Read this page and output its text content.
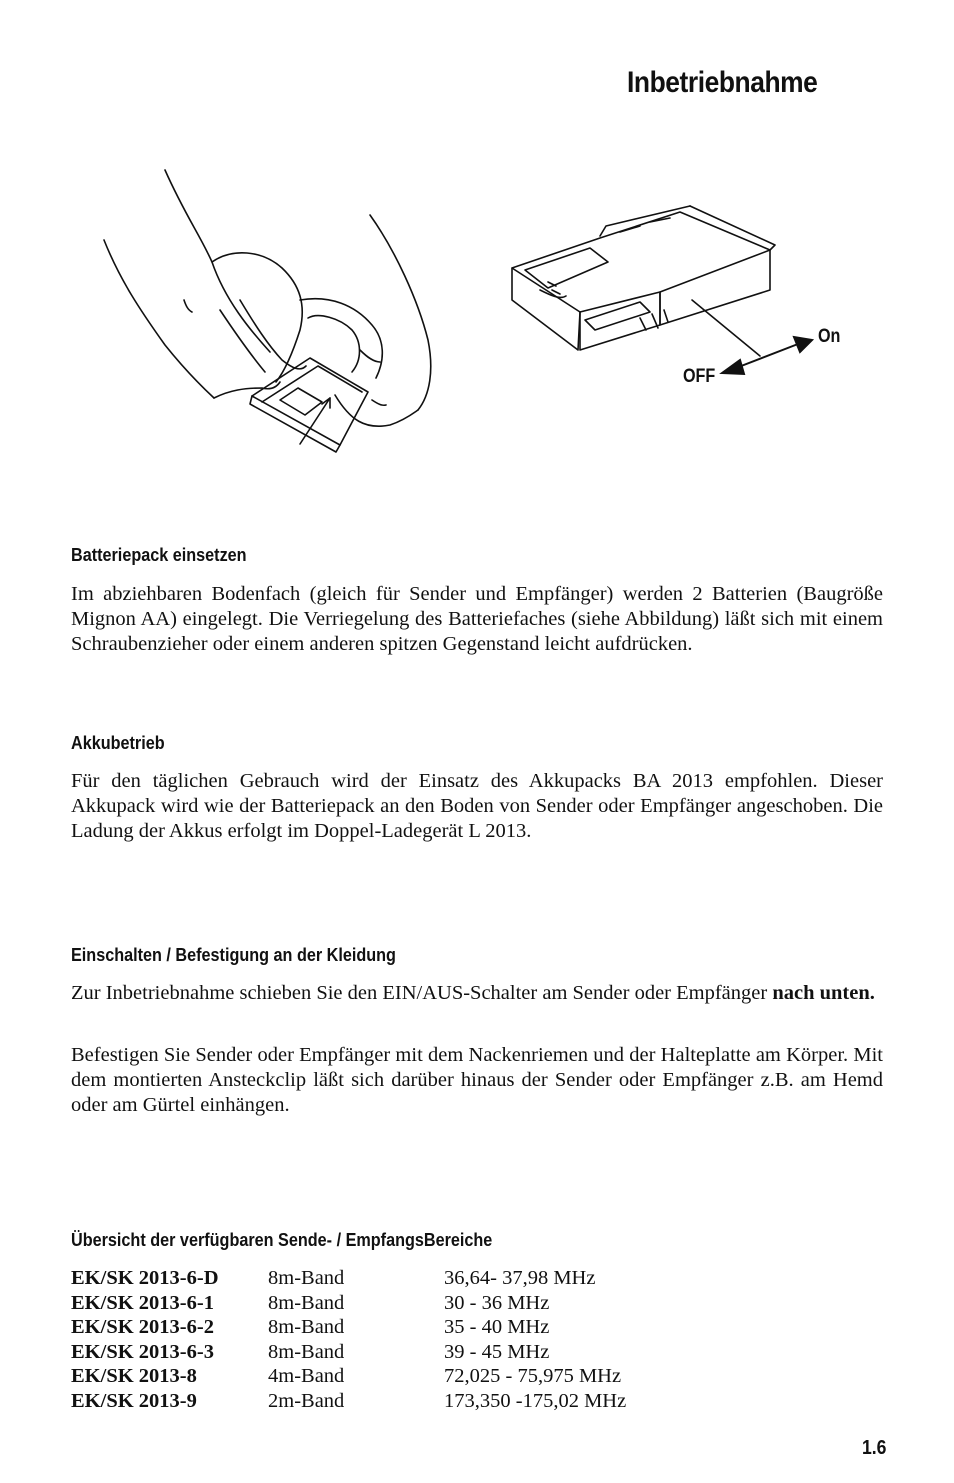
Inbetriebnahme
On
OFF
Batteriepack einsetzen

Im abziehbaren Bodenfach (gleich für Sender und Empfänger) werden 2 Batterien (Baugröße Mignon AA) eingelegt. Die Verriegelung des Batteriefaches (siehe Abbildung) läßt sich mit einem Schraubenzieher oder einem anderen spitzen Gegenstand leicht aufdrücken.

Akkubetrieb

Für den täglichen Gebrauch wird der Einsatz des Akkupacks BA 2013 empfohlen. Dieser Akkupack wird wie der Batteriepack an den Boden von Sender oder Empfänger angeschoben. Die Ladung der Akkus erfolgt im Doppel-Ladegerät L 2013.

Einschalten / Befestigung an der Kleidung

Zur Inbetriebnahme schieben Sie den EIN/AUS-Schalter am Sender oder Empfänger nach unten.

Befestigen Sie Sender oder Empfänger mit dem Nackenriemen und der Halteplatte am Körper. Mit dem montierten Ansteckclip läßt sich darüber hinaus der Sender oder Empfänger z.B. am Hemd oder am Gürtel einhängen.

Übersicht der verfügbaren Sende- / EmpfangsBereiche
EK/SK 2013-6-D	8m-Band	36,64- 37,98 MHz
EK/SK 2013-6-1	8m-Band	30 - 36 MHz
EK/SK 2013-6-2	8m-Band	35 - 40 MHz
EK/SK 2013-6-3	8m-Band	39 - 45 MHz
EK/SK 2013-8	4m-Band	72,025 - 75,975 MHz
EK/SK 2013-9	2m-Band	173,350 -175,02 MHz
1.6
